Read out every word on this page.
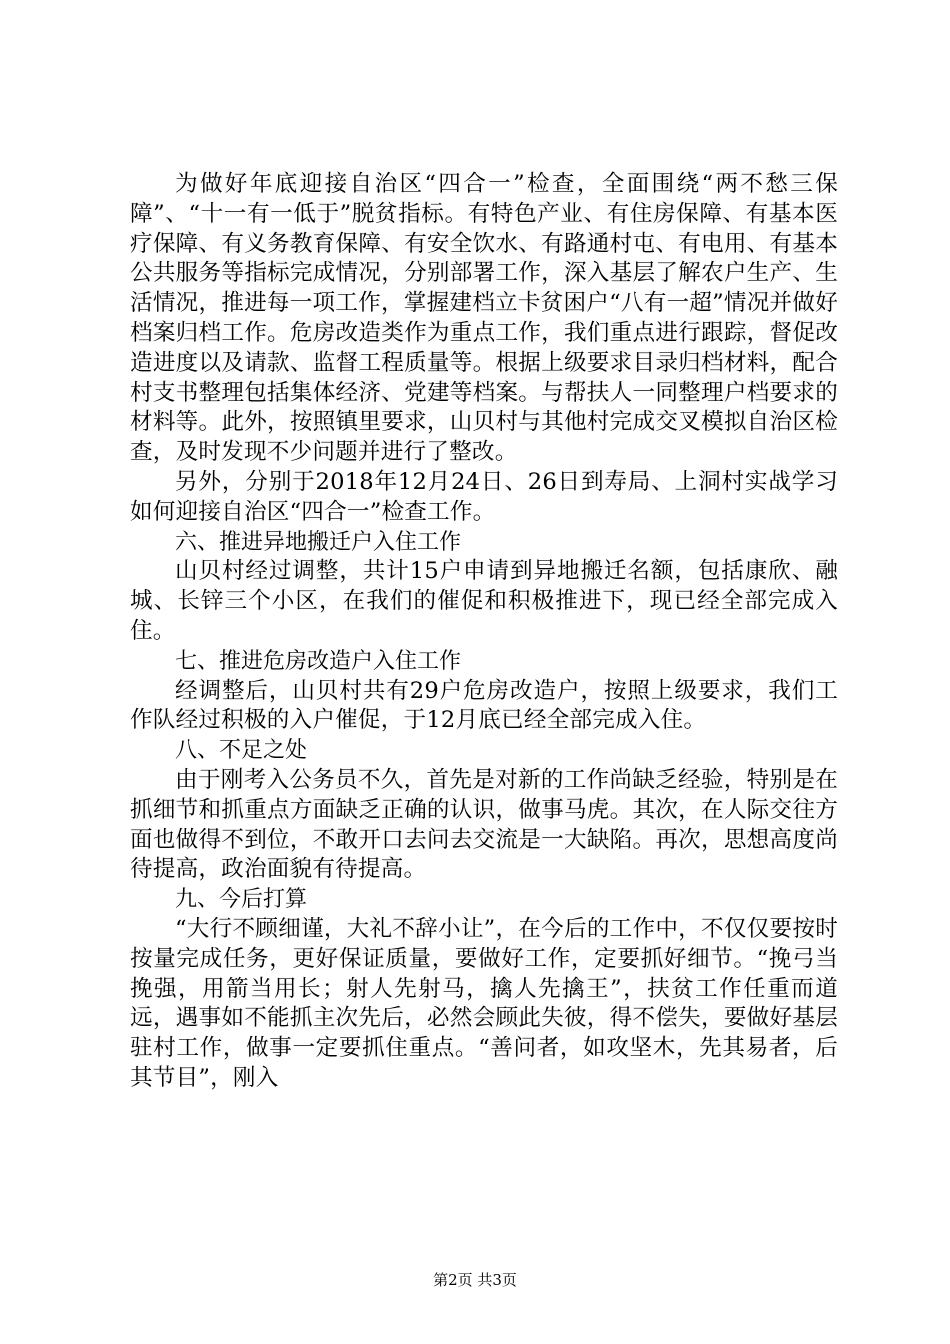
为做好年底迎接自治区“四合一”检查，全面围绕“两不愁三保障”、“十一有一低于”脱贫指标。有特色产业、有住房保障、有基本医疗保障、有义务教育保障、有安全饮水、有路通村屯、有电用、有基本公共服务等指标完成情况，分别部署工作，深入基层了解农户生产、生活情况，推进每一项工作，掌握建档立卡贫困户“八有一超”情况并做好档案归档工作。危房改造类作为重点工作，我们重点进行跟踪，督促改造进度以及请款、监督工程质量等。根据上级要求目录归档材料，配合村支书整理包括集体经济、党建等档案。与帮扶人一同整理户档要求的材料等。此外，按照镇里要求，山贝村与其他村完成交叉模拟自治区检查，及时发现不少问题并进行了整改。

另外，分别于2018年12月24日、26日到寿局、上洞村实战学习如何迎接自治区“四合一”检查工作。

六、推进异地搬迁户入住工作

山贝村经过调整，共计15户申请到异地搬迁名额，包括康欣、融城、长锌三个小区，在我们的催促和积极推进下，现已经全部完成入住。

七、推进危房改造户入住工作

经调整后，山贝村共有29户危房改造户，按照上级要求，我们工作队经过积极的入户催促，于12月底已经全部完成入住。

八、不足之处

由于刚考入公务员不久，首先是对新的工作尚缺乏经验，特别是在抓细节和抓重点方面缺乏正确的认识，做事马虎。其次，在人际交往方面也做得不到位，不敢开口去问去交流是一大缺陷。再次，思想高度尚待提高，政治面貌有待提高。

九、今后打算

“大行不顾细谨，大礼不辞小让”，在今后的工作中，不仅仅要按时按量完成任务，更好保证质量，要做好工作，定要抓好细节。“挽弓当挽强，用箭当用长；射人先射马，擒人先擒王”，扶贫工作任重而道远，遇事如不能抓主次先后，必然会顾此失彼，得不偿失，要做好基层驻村工作，做事一定要抓住重点。“善问者，如攻坚木，先其易者，后其节目”，刚入

第2页 共3页
